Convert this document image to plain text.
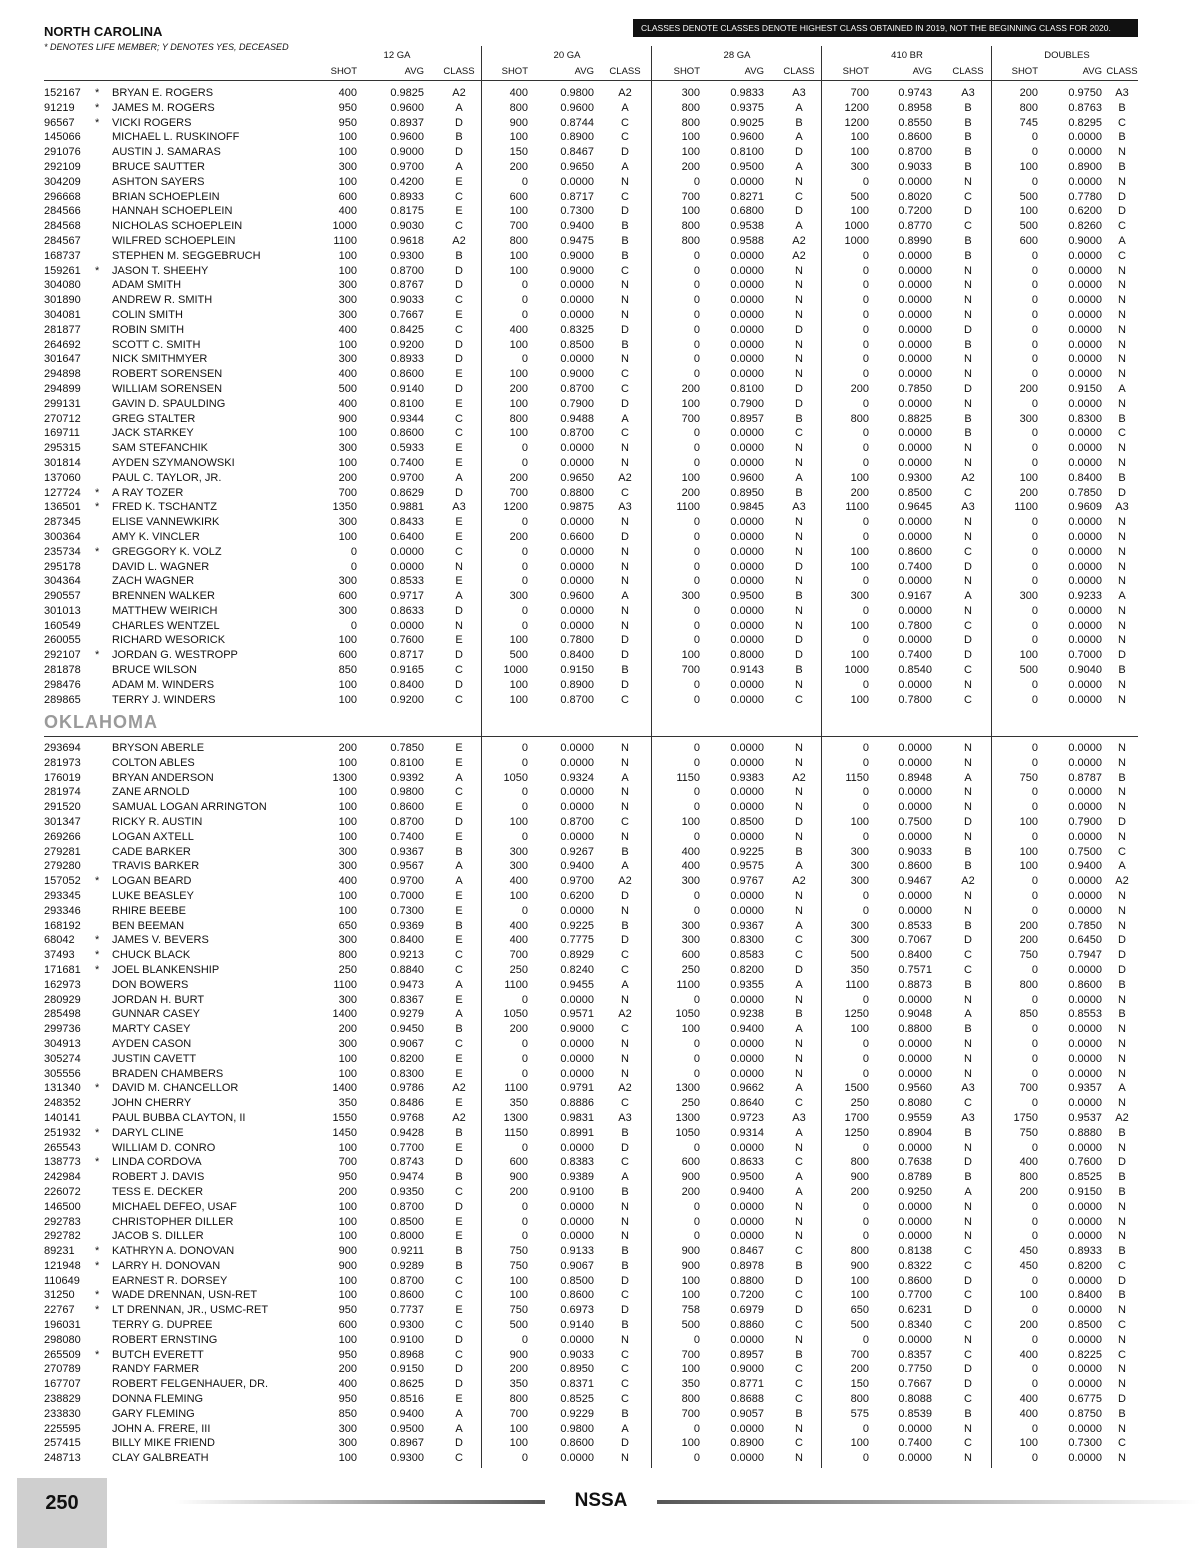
NORTH CAROLINA
* DENOTES LIFE MEMBER; Y DENOTES YES, DECEASED
CLASSES DENOTE CLASSES DENOTE HIGHEST CLASS OBTAINED IN 2019, NOT THE BEGINNING CLASS FOR 2020.
12 GA	20 GA	28 GA	410 BR	DOUBLES
SHOT	AVG	CLASS	SHOT	AVG	CLASS	SHOT	AVG	CLASS	SHOT	AVG	CLASS	SHOT	AVG CLASS
OKLAHOMA
152167 * BRYAN E. ROGERS	400	0.9825	A2	400	0.9800	A2	300	0.9833	A3	700	0.9743	A3	200	0.9750	A3
91219 * JAMES M. ROGERS	950	0.9600	A	800	0.9600	A	800	0.9375	A	1200	0.8958	B	800	0.8763	B
96567 * VICKI ROGERS	950	0.8937	D	900	0.8744	C	800	0.9025	B	1200	0.8550	B	745	0.8295	C
145066	MICHAEL L. RUSKINOFF	100	0.9600	B	100	0.8900	C	100	0.9600	A	100	0.8600	B	0	0.0000	B
291076	AUSTIN J. SAMARAS	100	0.9000	D	150	0.8467	D	100	0.8100	D	100	0.8700	B	0	0.0000	N
292109	BRUCE SAUTTER	300	0.9700	A	200	0.9650	A	200	0.9500	A	300	0.9033	B	100	0.8900	B
304209	ASHTON SAYERS	100	0.4200	E	0	0.0000	N	0	0.0000	N	0	0.0000	N	0	0.0000	N
296668	BRIAN SCHOEPLEIN	600	0.8933	C	600	0.8717	C	700	0.8271	C	500	0.8020	C	500	0.7780	D
284566	HANNAH SCHOEPLEIN	400	0.8175	E	100	0.7300	D	100	0.6800	D	100	0.7200	D	100	0.6200	D
284568	NICHOLAS SCHOEPLEIN	1000	0.9030	C	700	0.9400	B	800	0.9538	A	1000	0.8770	C	500	0.8260	C
284567	WILFRED SCHOEPLEIN	1100	0.9618	A2	800	0.9475	B	800	0.9588	A2	1000	0.8990	B	600	0.9000	A
168737	STEPHEN M. SEGGEBRUCH	100	0.9300	B	100	0.9000	B	0	0.0000	A2	0	0.0000	B	0	0.0000	C
159261 * JASON T. SHEEHY	100	0.8700	D	100	0.9000	C	0	0.0000	N	0	0.0000	N	0	0.0000	N
304080	ADAM SMITH	300	0.8767	D	0	0.0000	N	0	0.0000	N	0	0.0000	N	0	0.0000	N
301890	ANDREW R. SMITH	300	0.9033	C	0	0.0000	N	0	0.0000	N	0	0.0000	N	0	0.0000	N
304081	COLIN SMITH	300	0.7667	E	0	0.0000	N	0	0.0000	N	0	0.0000	N	0	0.0000	N
281877	ROBIN SMITH	400	0.8425	C	400	0.8325	D	0	0.0000	D	0	0.0000	D	0	0.0000	N
264692	SCOTT C. SMITH	100	0.9200	D	100	0.8500	B	0	0.0000	N	0	0.0000	B	0	0.0000	N
301647	NICK SMITHMYER	300	0.8933	D	0	0.0000	N	0	0.0000	N	0	0.0000	N	0	0.0000	N
294898	ROBERT SORENSEN	400	0.8600	E	100	0.9000	C	0	0.0000	N	0	0.0000	N	0	0.0000	N
294899	WILLIAM SORENSEN	500	0.9140	D	200	0.8700	C	200	0.8100	D	200	0.7850	D	200	0.9150	A
299131	GAVIN D. SPAULDING	400	0.8100	E	100	0.7900	D	100	0.7900	D	0	0.0000	N	0	0.0000	N
270712	GREG STALTER	900	0.9344	C	800	0.9488	A	700	0.8957	B	800	0.8825	B	300	0.8300	B
169711	JACK STARKEY	100	0.8600	C	100	0.8700	C	0	0.0000	C	0	0.0000	B	0	0.0000	C
295315	SAM STEFANCHIK	300	0.5933	E	0	0.0000	N	0	0.0000	N	0	0.0000	N	0	0.0000	N
301814	AYDEN SZYMANOWSKI	100	0.7400	E	0	0.0000	N	0	0.0000	N	0	0.0000	N	0	0.0000	N
137060	PAUL C. TAYLOR, JR.	200	0.9700	A	200	0.9650	A2	100	0.9600	A	100	0.9300	A2	100	0.8400	B
127724 * A RAY TOZER	700	0.8629	D	700	0.8800	C	200	0.8950	B	200	0.8500	C	200	0.7850	D
136501 * FRED K. TSCHANTZ	1350	0.9881	A3	1200	0.9875	A3	1100	0.9845	A3	1100	0.9645	A3	1100	0.9609	A3
287345	ELISE VANNEWKIRK	300	0.8433	E	0	0.0000	N	0	0.0000	N	0	0.0000	N	0	0.0000	N
300364	AMY K. VINCLER	100	0.6400	E	200	0.6600	D	0	0.0000	N	0	0.0000	N	0	0.0000	N
235734 * GREGGORY K. VOLZ	0	0.0000	C	0	0.0000	N	0	0.0000	N	100	0.8600	C	0	0.0000	N
295178	DAVID L. WAGNER	0	0.0000	N	0	0.0000	N	0	0.0000	D	100	0.7400	D	0	0.0000	N
304364	ZACH WAGNER	300	0.8533	E	0	0.0000	N	0	0.0000	N	0	0.0000	N	0	0.0000	N
290557	BRENNEN WALKER	600	0.9717	A	300	0.9600	A	300	0.9500	B	300	0.9167	A	300	0.9233	A
301013	MATTHEW WEIRICH	300	0.8633	D	0	0.0000	N	0	0.0000	N	0	0.0000	N	0	0.0000	N
160549	CHARLES WENTZEL	0	0.0000	N	0	0.0000	N	0	0.0000	N	100	0.7800	C	0	0.0000	N
260055	RICHARD WESORICK	100	0.7600	E	100	0.7800	D	0	0.0000	D	0	0.0000	D	0	0.0000	N
292107 * JORDAN G. WESTROPP	600	0.8717	D	500	0.8400	D	100	0.8000	D	100	0.7400	D	100	0.7000	D
281878	BRUCE WILSON	850	0.9165	C	1000	0.9150	B	700	0.9143	B	1000	0.8540	C	500	0.9040	B
298476	ADAM M. WINDERS	100	0.8400	D	100	0.8900	D	0	0.0000	N	0	0.0000	N	0	0.0000	N
289865	TERRY J. WINDERS	100	0.9200	C	100	0.8700	C	0	0.0000	C	100	0.7800	C	0	0.0000	N
293694	BRYSON ABERLE	200	0.7850	E	0	0.0000	N	0	0.0000	N	0	0.0000	N	0	0.0000	N
281973	COLTON ABLES	100	0.8100	E	0	0.0000	N	0	0.0000	N	0	0.0000	N	0	0.0000	N
176019	BRYAN ANDERSON	1300	0.9392	A	1050	0.9324	A	1150	0.9383	A2	1150	0.8948	A	750	0.8787	B
281974	ZANE ARNOLD	100	0.9800	C	0	0.0000	N	0	0.0000	N	0	0.0000	N	0	0.0000	N
291520	SAMUAL LOGAN ARRINGTON	100	0.8600	E	0	0.0000	N	0	0.0000	N	0	0.0000	N	0	0.0000	N
301347	RICKY R. AUSTIN	100	0.8700	D	100	0.8700	C	100	0.8500	D	100	0.7500	D	100	0.7900	D
269266	LOGAN AXTELL	100	0.7400	E	0	0.0000	N	0	0.0000	N	0	0.0000	N	0	0.0000	N
279281	CADE BARKER	300	0.9367	B	300	0.9267	B	400	0.9225	B	300	0.9033	B	100	0.7500	C
279280	TRAVIS BARKER	300	0.9567	A	300	0.9400	A	400	0.9575	A	300	0.8600	B	100	0.9400	A
157052 * LOGAN BEARD	400	0.9700	A	400	0.9700	A2	300	0.9767	A2	300	0.9467	A2	0	0.0000	A2
293345	LUKE BEASLEY	100	0.7000	E	100	0.6200	D	0	0.0000	N	0	0.0000	N	0	0.0000	N
293346	RHIRE BEEBE	100	0.7300	E	0	0.0000	N	0	0.0000	N	0	0.0000	N	0	0.0000	N
168192	BEN BEEMAN	650	0.9369	B	400	0.9225	B	300	0.9367	A	300	0.8533	B	200	0.7850	N
68042 * JAMES V. BEVERS	300	0.8400	E	400	0.7775	D	300	0.8300	C	300	0.7067	D	200	0.6450	D
37493 * CHUCK BLACK	800	0.9213	C	700	0.8929	C	600	0.8583	C	500	0.8400	C	750	0.7947	D
171681 * JOEL BLANKENSHIP	250	0.8840	C	250	0.8240	C	250	0.8200	D	350	0.7571	C	0	0.0000	D
162973	DON BOWERS	1100	0.9473	A	1100	0.9455	A	1100	0.9355	A	1100	0.8873	B	800	0.8600	B
280929	JORDAN H. BURT	300	0.8367	E	0	0.0000	N	0	0.0000	N	0	0.0000	N	0	0.0000	N
285498	GUNNAR CASEY	1400	0.9279	A	1050	0.9571	A2	1050	0.9238	B	1250	0.9048	A	850	0.8553	B
299736	MARTY CASEY	200	0.9450	B	200	0.9000	C	100	0.9400	A	100	0.8800	B	0	0.0000	N
304913	AYDEN CASON	300	0.9067	C	0	0.0000	N	0	0.0000	N	0	0.0000	N	0	0.0000	N
305274	JUSTIN CAVETT	100	0.8200	E	0	0.0000	N	0	0.0000	N	0	0.0000	N	0	0.0000	N
305556	BRADEN CHAMBERS	100	0.8300	E	0	0.0000	N	0	0.0000	N	0	0.0000	N	0	0.0000	N
131340 * DAVID M. CHANCELLOR	1400	0.9786	A2	1100	0.9791	A2	1300	0.9662	A	1500	0.9560	A3	700	0.9357	A
248352	JOHN CHERRY	350	0.8486	E	350	0.8886	C	250	0.8640	C	250	0.8080	C	0	0.0000	N
140141	PAUL BUBBA CLAYTON, II	1550	0.9768	A2	1300	0.9831	A3	1300	0.9723	A3	1700	0.9559	A3	1750	0.9537	A2
251932 * DARYL CLINE	1450	0.9428	B	1150	0.8991	B	1050	0.9314	A	1250	0.8904	B	750	0.8880	B
265543	WILLIAM D. CONRO	100	0.7700	E	0	0.0000	D	0	0.0000	N	0	0.0000	N	0	0.0000	N
138773 * LINDA CORDOVA	700	0.8743	D	600	0.8383	C	600	0.8633	C	800	0.7638	D	400	0.7600	D
242984	ROBERT J. DAVIS	950	0.9474	B	900	0.9389	A	900	0.9500	A	900	0.8789	B	800	0.8525	B
226072	TESS E. DECKER	200	0.9350	C	200	0.9100	B	200	0.9400	A	200	0.9250	A	200	0.9150	B
146500	MICHAEL DEFEO, USAF	100	0.8700	D	0	0.0000	N	0	0.0000	N	0	0.0000	N	0	0.0000	N
292783	CHRISTOPHER DILLER	100	0.8500	E	0	0.0000	N	0	0.0000	N	0	0.0000	N	0	0.0000	N
292782	JACOB S. DILLER	100	0.8000	E	0	0.0000	N	0	0.0000	N	0	0.0000	N	0	0.0000	N
89231 * KATHRYN A. DONOVAN	900	0.9211	B	750	0.9133	B	900	0.8467	C	800	0.8138	C	450	0.8933	B
121948 * LARRY H. DONOVAN	900	0.9289	B	750	0.9067	B	900	0.8978	B	900	0.8322	C	450	0.8200	C
110649	EARNEST R. DORSEY	100	0.8700	C	100	0.8500	D	100	0.8800	D	100	0.8600	D	0	0.0000	D
31250 * WADE DRENNAN, USN-RET	100	0.8600	C	100	0.8600	C	100	0.7200	C	100	0.7700	C	100	0.8400	B
22767 * LT DRENNAN, JR., USMC-RET	950	0.7737	E	750	0.6973	D	758	0.6979	D	650	0.6231	D	0	0.0000	N
196031	TERRY G. DUPREE	600	0.9300	C	500	0.9140	B	500	0.8860	C	500	0.8340	C	200	0.8500	C
298080	ROBERT ERNSTING	100	0.9100	D	0	0.0000	N	0	0.0000	N	0	0.0000	N	0	0.0000	N
265509 * BUTCH EVERETT	950	0.8968	C	900	0.9033	C	700	0.8957	B	700	0.8357	C	400	0.8225	C
270789	RANDY FARMER	200	0.9150	D	200	0.8950	C	100	0.9000	C	200	0.7750	D	0	0.0000	N
167707	ROBERT FELGENHAUER, DR.	400	0.8625	D	350	0.8371	C	350	0.8771	C	150	0.7667	D	0	0.0000	N
238829	DONNA FLEMING	950	0.8516	E	800	0.8525	C	800	0.8688	C	800	0.8088	C	400	0.6775	D
233830	GARY FLEMING	850	0.9400	A	700	0.9229	B	700	0.9057	B	575	0.8539	B	400	0.8750	B
225595	JOHN A. FRERE, III	300	0.9500	A	100	0.9800	A	0	0.0000	N	0	0.0000	N	0	0.0000	N
257415	BILLY MIKE FRIEND	300	0.8967	D	100	0.8600	D	100	0.8900	C	100	0.7400	C	100	0.7300	C
248713	CLAY GALBREATH	100	0.9300	C	0	0.0000	N	0	0.0000	N	0	0.0000	N	0	0.0000	N
250	NSSA
